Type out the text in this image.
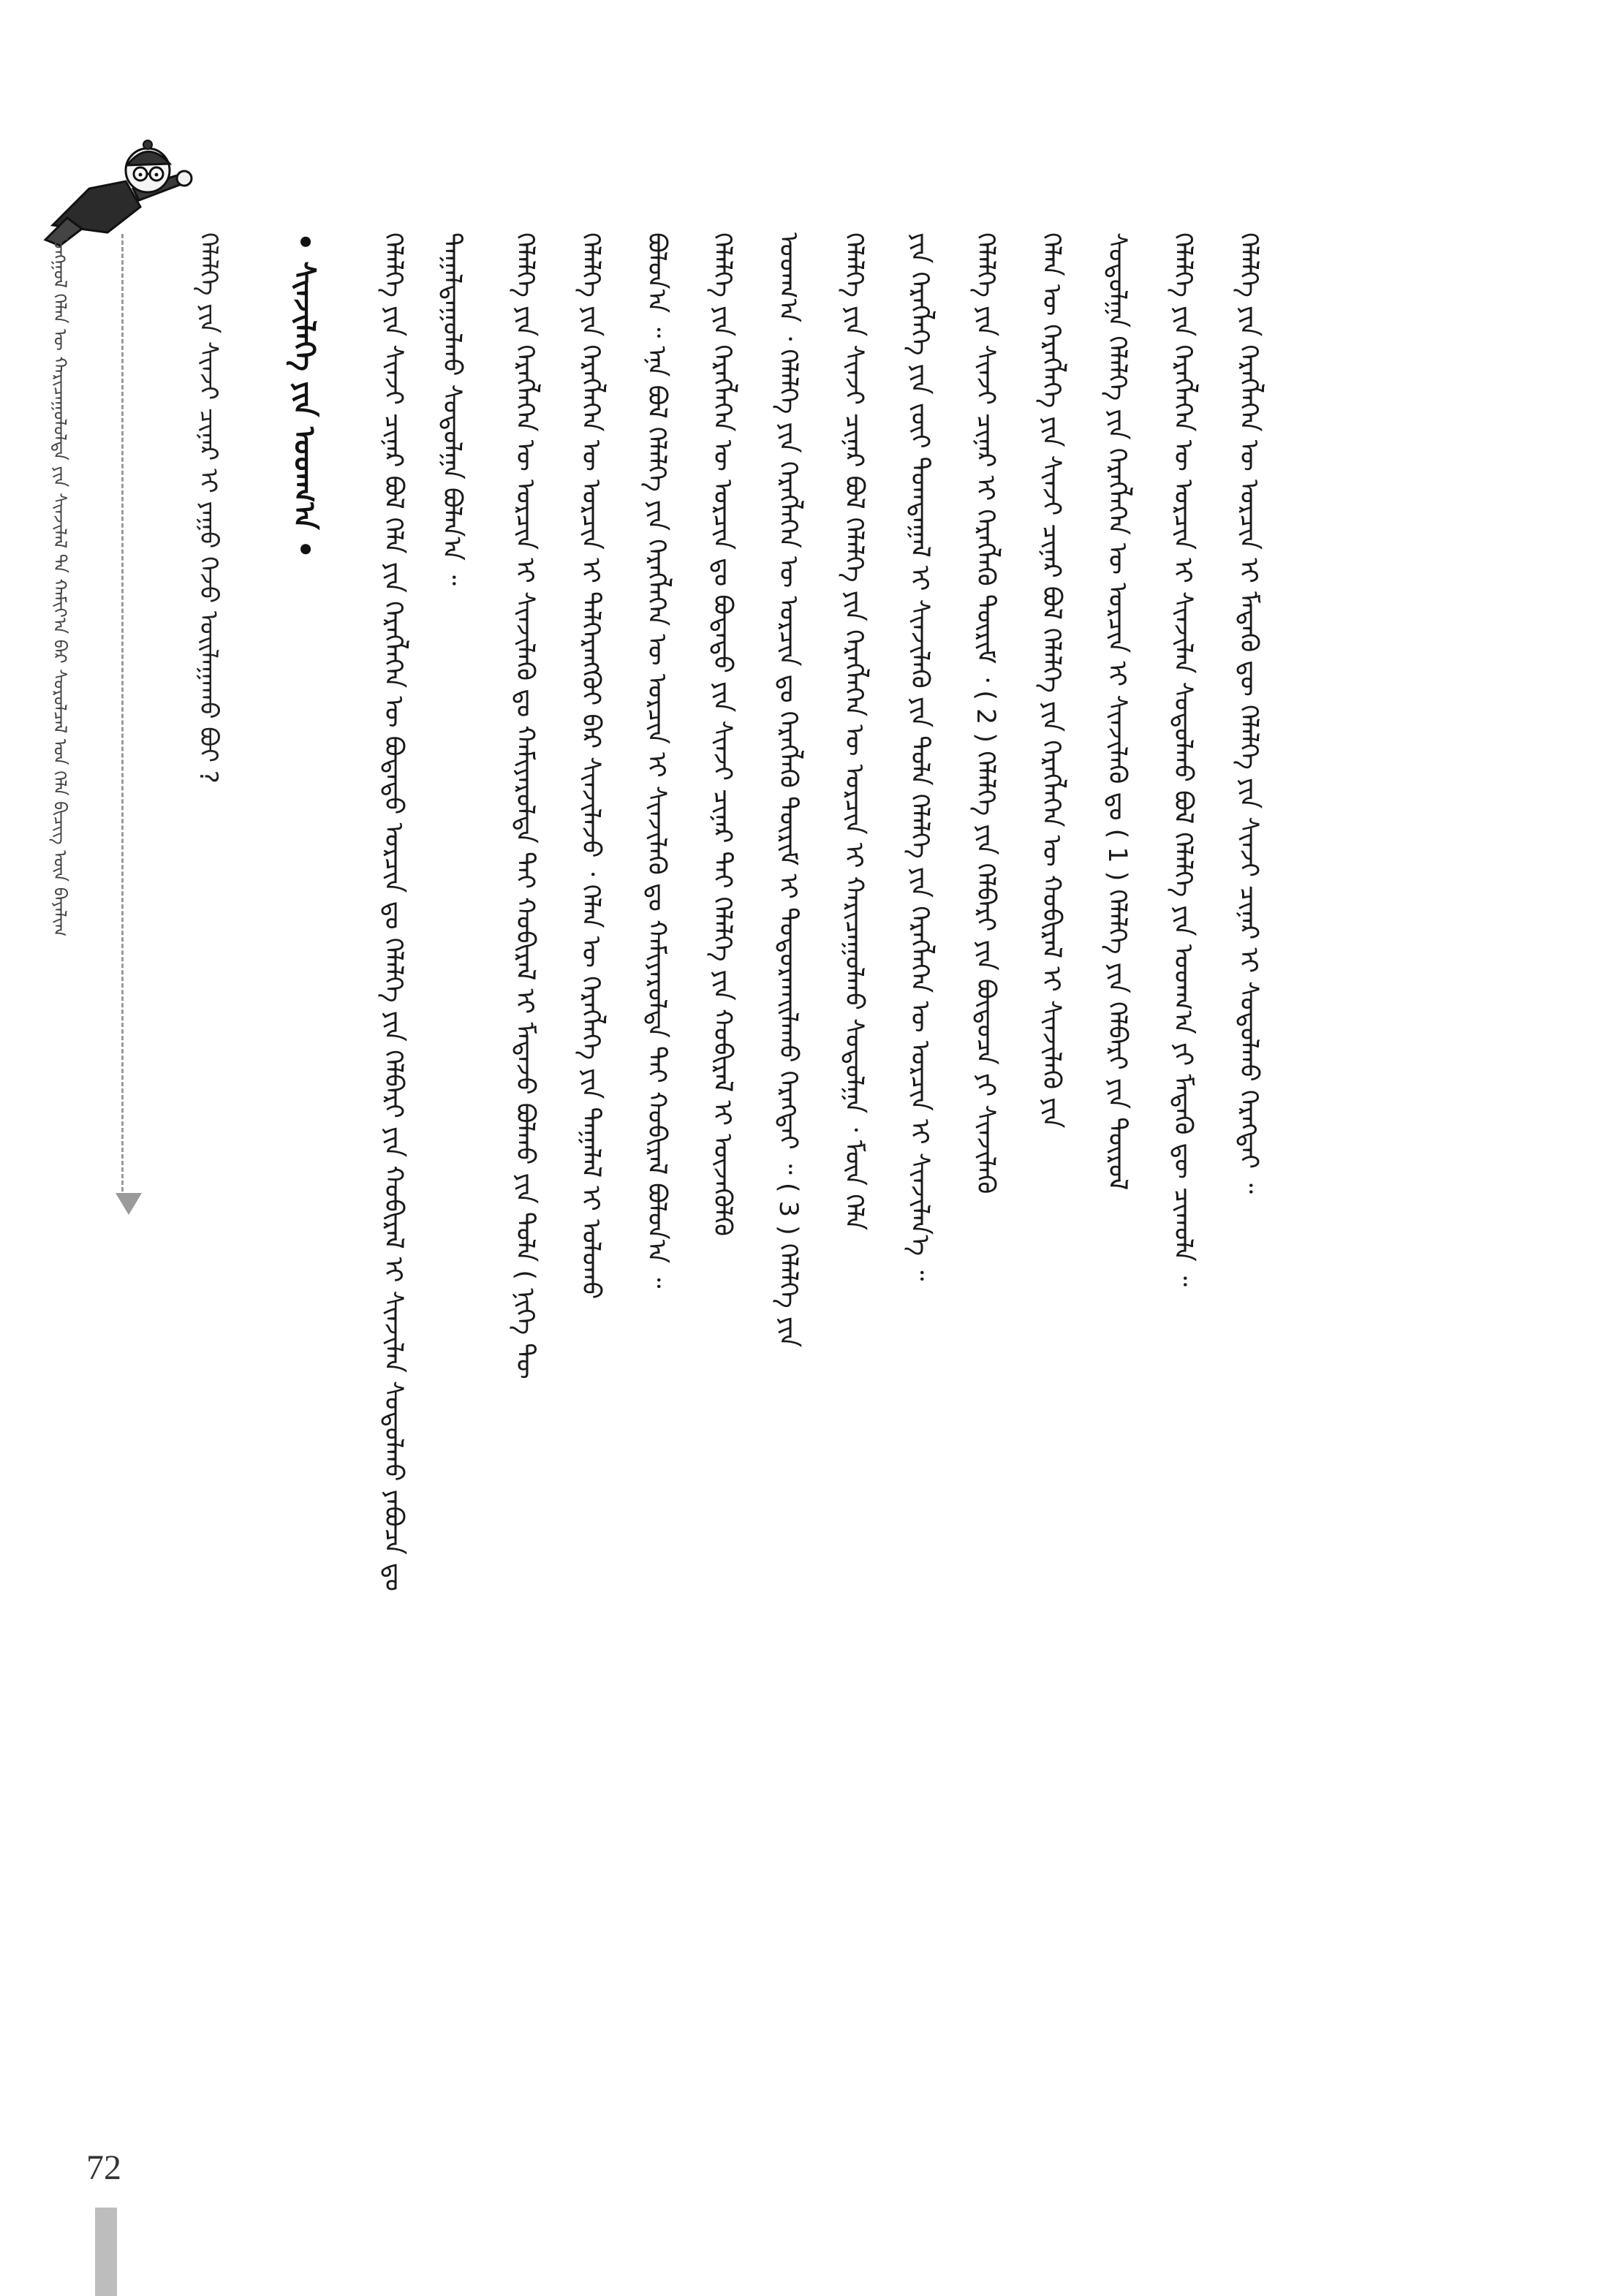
ᠮᠣᠩᠭᠣᠯ ᠬᠡᠯᠡᠨ ᠦ ᠬᠠᠷᠢᠴᠠᠭᠤᠯᠤᠯᠲᠠ ᠶᠢᠨ ᠰᠢᠨᠵᠢᠯᠡᠯ ᠲᠡ ᠬᠠᠮᠢᠶ᠎ᠠ ᠪᠠᠷ ᠰᠤᠷᠤᠯᠴᠠᠯ ᠤᠨ ᠬᠡᠯᠡ ᠪᠢᠴᠢᠭ ᠦᠨ ᠪᠠᠶᠠᠯᠢᠭ	ᠬᠡᠯᠡᠯᠬᠡ ᠶᠢᠨ ᠰᠢᠨᠵᠢ ᠴᠢᠨᠠᠷ ᠢ ᠶᠠᠭᠤ ᠭᠡᠵᠦ ᠤᠢᠯᠠᠭᠠᠬᠤ ᠪᠤᠢ ? • ᠰᠢᠨᠵᠢᠯᠡᠭᠡ ᠶᠢᠨ ᠤᠳᠬ᠎ᠠ • ᠬᠡᠯᠡᠯᠬᠡ ᠶᠢᠨ ᠰᠢᠨᠵᠢ ᠴᠢᠨᠠᠷ ᠪᠣᠯ ᠬᠡᠯᠡ ᠶᠢᠨ ᠬᠡᠷᠡᠭᠯᠡᠭᠡᠨ ᠦ ᠪᠣᠳᠠᠲᠤ ᠣᠷᠴᠢᠨ ᠳᠤ ᠬᠡᠯᠡᠯᠬᠡ ᠶᠢᠨ ᠬᠡᠯᠪᠡᠷᠢ ᠶᠢᠨ ᠬᠤᠪᠢᠷᠠᠯ ᠢ ᠰᠢᠨᠵᠢᠯᠡᠨ ᠰᠤᠳᠤᠯᠬᠤ ᠶᠠᠪᠤᠴᠠ ᠳᠤ ᠳᠠᠭᠠᠯᠳᠠᠭᠤᠯᠬᠤ ᠰᠤᠳᠤᠯᠭᠠ ᠪᠣᠯᠠᠨ᠎ᠠ ᠃ ᠬᠡᠯᠡᠯᠬᠡ ᠶᠢᠨ ᠬᠡᠷᠡᠭᠯᠡᠭᠡᠨ ᠦ ᠣᠷᠴᠢᠨ ᠢ ᠰᠢᠨᠵᠢᠯᠡᠬᠦ ᠳᠤ ᠬᠠᠮᠢᠶᠠᠷᠤᠯᠲᠠ ᠲᠠᠢ ᠬᠤᠪᠢᠷᠠᠯ ᠢ ᠮᠡᠳᠡᠵᠦ ᠪᠣᠯᠬᠤ ᠶᠢᠨ ᠲᠤᠯᠠ ( ᠨᠢᠭᠡ ᠲᠦ ᠬᠡᠯᠡᠯᠬᠡ ᠶᠢᠨ ᠬᠡᠷᠡᠭᠯᠡᠭᠡᠨ ᠦ ᠣᠷᠴᠢᠨ ᠢ ᠳᠡᠯᠭᠡᠷᠡᠩᠭᠦᠢ ᠪᠡᠷ ᠰᠢᠨᠵᠢᠯᠡᠵᠦ ᠂ ᠬᠡᠯᠡᠨ ᠦ ᠬᠡᠷᠡᠭᠯᠡᠭᠡ ᠶᠢᠨ ᠲᠠᠭᠠᠯᠠᠯ ᠢ ᠤᠯᠤᠬᠤ ᠪᠣᠯᠤᠨ᠎ᠠ ᠃ ᠡᠨᠡ ᠪᠣᠯ ᠬᠡᠯᠡᠯᠬᠡ ᠶᠢᠨ ᠬᠡᠷᠡᠭᠯᠡᠭᠡᠨ ᠦ ᠣᠷᠴᠢᠨ ᠢ ᠰᠢᠨᠵᠢᠯᠡᠬᠦ ᠳᠤ ᠬᠠᠮᠢᠶᠠᠷᠤᠯᠲᠠ ᠲᠠᠢ ᠬᠤᠪᠢᠷᠠᠯ ᠪᠣᠯᠤᠨ᠎ᠠ ᠃ ᠬᠡᠯᠡᠯᠬᠡ ᠶᠢᠨ ᠬᠡᠷᠡᠭᠯᠡᠭᠡᠨ ᠦ ᠣᠷᠴᠢᠨ ᠳᠤ ᠪᠣᠳᠠᠲᠤ ᠶᠢᠨ ᠰᠢᠨᠵᠢ ᠴᠢᠨᠠᠷ ᠲᠠᠢ ᠬᠡᠯᠡᠯᠬᠡ ᠶᠢᠨ ᠬᠤᠪᠢᠷᠠᠯ ᠢ ᠦᠵᠡᠭᠦᠯᠬᠦ ᠤᠳᠬ᠎ᠠ ᠂ ᠬᠡᠯᠡᠯᠬᠡ ᠶᠢᠨ ᠬᠡᠷᠡᠭᠯᠡᠭᠡᠨ ᠦ ᠣᠷᠴᠢᠨ ᠳᠤ ᠬᠡᠷᠡᠭᠯᠡᠬᠦ ᠳᠦᠷᠢᠮ ᠢ ᠲᠣᠳᠤᠷᠬᠠᠢᠯᠠᠬᠤ ᠬᠡᠷᠡᠭᠲᠡᠢ ᠃ ( 3 ) ᠬᠡᠯᠡᠯᠬᠡ ᠶᠢᠨ ᠬᠡᠯᠡᠯᠬᠡ ᠶᠢᠨ ᠰᠢᠨᠵᠢ ᠴᠢᠨᠠᠷ ᠪᠣᠯ ᠬᠡᠯᠡᠯᠬᠡ ᠶᠢᠨ ᠬᠡᠷᠡᠭᠯᠡᠭᠡᠨ ᠦ ᠣᠷᠴᠢᠨ ᠢ ᠬᠠᠷᠢᠴᠠᠭᠤᠯᠬᠤ ᠰᠤᠳᠤᠯᠭᠠ ᠂ ᠮᠦᠨ ᠬᠡᠯᠡ ᠶᠢᠨ ᠬᠡᠷᠡᠭᠯᠡᠭᠡ ᠶᠢᠨ ᠵᠦᠢ ᠲᠣᠭᠲᠠᠭᠠᠯ ᠢ ᠰᠢᠨᠵᠢᠯᠡᠬᠦ ᠶᠢᠨ ᠲᠤᠯᠠ ᠬᠡᠯᠡᠯᠬᠡ ᠶᠢᠨ ᠬᠡᠷᠡᠭᠯᠡᠭᠡᠨ ᠦ ᠣᠷᠴᠢᠨ ᠢ ᠰᠢᠨᠵᠢᠯᠡᠨ᠎ᠡ ᠃ ᠬᠡᠯᠡᠯᠬᠡ ᠶᠢᠨ ᠰᠢᠨᠵᠢ ᠴᠢᠨᠠᠷ ᠢ ᠬᠡᠷᠡᠭᠯᠡᠬᠦ ᠳᠦᠷᠢᠮ ᠂ ( 2 ) ᠬᠡᠯᠡᠯᠬᠡ ᠶᠢᠨ ᠬᠡᠯᠪᠡᠷᠢ ᠶᠢᠨ ᠪᠦᠲᠦᠴᠡ ᠶᠢ ᠰᠢᠨᠵᠢᠯᠡᠬᠦ ᠬᠡᠯᠡᠨ ᠦ ᠬᠡᠷᠡᠭᠯᠡᠭᠡ ᠶᠢᠨ ᠰᠢᠨᠵᠢ ᠴᠢᠨᠠᠷ ᠪᠣᠯ ᠬᠡᠯᠡᠯᠬᠡ ᠶᠢᠨ ᠬᠡᠷᠡᠭᠯᠡᠭᠡᠨ ᠦ ᠬᠤᠪᠢᠷᠠᠯ ᠢ ᠰᠢᠨᠵᠢᠯᠡᠬᠦ ᠶᠢᠨ ᠰᠤᠳᠤᠯᠭᠠ ᠬᠡᠯᠡᠯᠬᠡ ᠶᠢᠨ ᠬᠡᠷᠡᠭᠯᠡᠭᠡᠨ ᠦ ᠣᠷᠴᠢᠨ ᠢ ᠰᠢᠨᠵᠢᠯᠡᠬᠦ ᠳᠤ ( 1 ) ᠬᠡᠯᠡᠯᠬᠡ ᠶᠢᠨ ᠬᠡᠯᠪᠡᠷᠢ ᠶᠢᠨ ᠲᠦᠷᠦᠯ ᠬᠡᠯᠡᠯᠬᠡ ᠶᠢᠨ ᠬᠡᠷᠡᠭᠯᠡᠭᠡᠨ ᠦ ᠣᠷᠴᠢᠨ ᠢ ᠰᠢᠨᠵᠢᠯᠡᠨ ᠰᠤᠳᠤᠯᠬᠤ ᠪᠣᠯ ᠬᠡᠯᠡᠯᠬᠡ ᠶᠢᠨ ᠤᠳᠬ᠎ᠠ ᠶᠢ ᠮᠡᠳᠡᠬᠦ ᠳᠦ ᠴᠢᠬᠤᠯᠠ ᠃ ᠬᠡᠯᠡᠯᠬᠡ ᠶᠢᠨ ᠬᠡᠷᠡᠭᠯᠡᠭᠡᠨ ᠦ ᠣᠷᠴᠢᠨ ᠢ ᠮᠡᠳᠡᠬᠦ ᠳᠦ ᠬᠡᠯᠡᠯᠬᠡ ᠶᠢᠨ ᠰᠢᠨᠵᠢ ᠴᠢᠨᠠᠷ ᠢ ᠰᠤᠳᠤᠯᠬᠤ ᠬᠡᠷᠡᠭᠲᠡᠢ ᠃
72
